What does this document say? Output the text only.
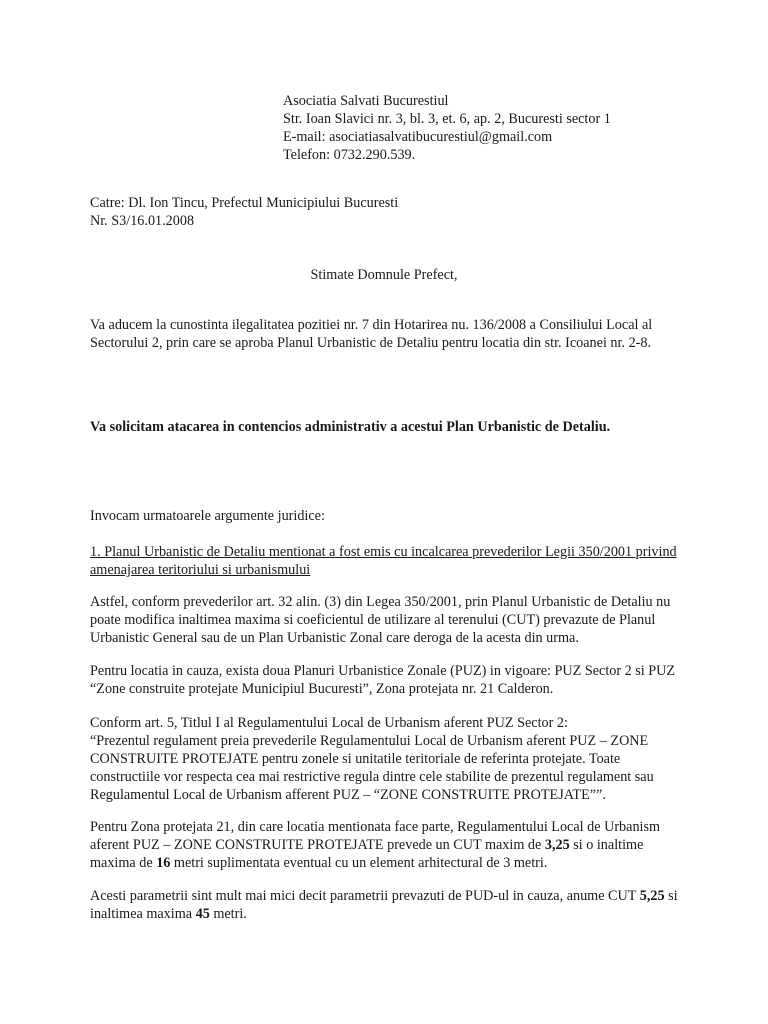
Asociatia Salvati Bucurestiul
Str. Ioan Slavici nr. 3, bl. 3, et. 6, ap. 2, Bucuresti sector 1
E-mail: asociatiasalvatibucurestiul@gmail.com
Telefon: 0732.290.539.
Catre: Dl. Ion Tincu, Prefectul Municipiului Bucuresti
Nr. S3/16.01.2008
Stimate Domnule Prefect,
Va aducem la cunostinta ilegalitatea pozitiei nr. 7 din Hotarirea nu. 136/2008 a Consiliului Local al
Sectorului 2, prin care se aproba Planul Urbanistic de Detaliu pentru locatia din str. Icoanei nr. 2-8.
Va solicitam atacarea in contencios administrativ a acestui Plan Urbanistic de Detaliu.
Invocam urmatoarele argumente juridice:
1. Planul Urbanistic de Detaliu mentionat a fost emis cu incalcarea prevederilor Legii 350/2001 privind
amenajarea teritoriului si urbanismului
Astfel, conform prevederilor art. 32 alin. (3) din Legea 350/2001, prin Planul Urbanistic de Detaliu nu
poate modifica inaltimea maxima si coeficientul de utilizare al terenului (CUT) prevazute de Planul
Urbanistic General sau de un Plan Urbanistic Zonal care deroga de la acesta din urma.
Pentru locatia in cauza, exista doua Planuri Urbanistice Zonale (PUZ) in vigoare: PUZ Sector 2 si PUZ
“Zone construite protejate Municipiul Bucuresti”, Zona protejata nr. 21 Calderon.
Conform art. 5, Titlul I al Regulamentului Local de Urbanism aferent PUZ Sector 2:
“Prezentul regulament preia prevederile Regulamentului Local de Urbanism aferent PUZ – ZONE
CONSTRUITE PROTEJATE pentru zonele si unitatile teritoriale de referinta protejate. Toate
constructiile vor respecta cea mai restrictive regula dintre cele stabilite de prezentul regulament sau
Regulamentul Local de Urbanism afferent PUZ – “ZONE CONSTRUITE PROTEJATE””.
Pentru Zona protejata 21, din care locatia mentionata face parte, Regulamentului Local de Urbanism
aferent PUZ – ZONE CONSTRUITE PROTEJATE prevede un CUT maxim de 3,25 si o inaltime
maxima de 16 metri suplimentata eventual cu un element arhitectural de 3 metri.
Acesti parametrii sint mult mai mici decit parametrii prevazuti de PUD-ul in cauza, anume CUT 5,25 si
inaltimea maxima 45 metri.
